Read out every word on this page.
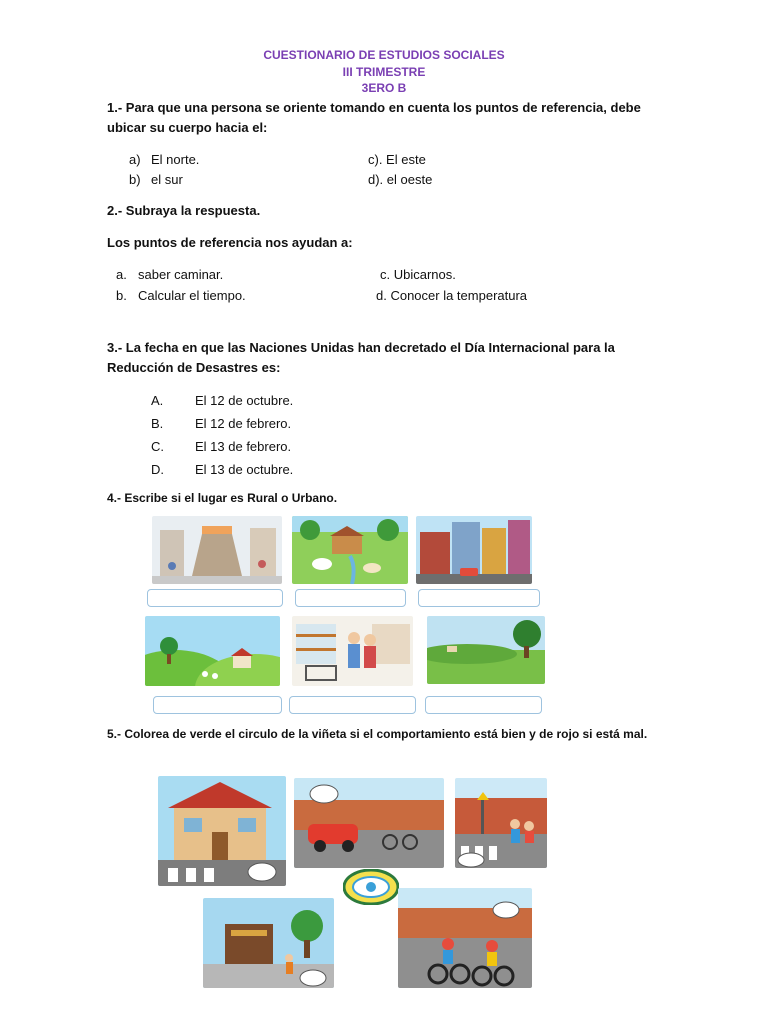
CUESTIONARIO DE ESTUDIOS SOCIALES
III TRIMESTRE
3ERO B
1.- Para que una persona se oriente tomando en cuenta los puntos de referencia, debe
ubicar su cuerpo hacia el:
a) El norte.
b) el sur
c). El este
d). el oeste
2.- Subraya la respuesta.
Los puntos de referencia nos ayudan a:
a. saber caminar.
b. Calcular el tiempo.
c. Ubicarnos.
d. Conocer la temperatura
3.- La fecha en que las Naciones Unidas han decretado el Día Internacional para la
Reducción de Desastres es:
A. El 12 de octubre.
B. El 12 de febrero.
C. El 13 de febrero.
D. El 13 de octubre.
4.- Escribe si el lugar es Rural o Urbano.
5.- Colorea de verde el circulo de la viñeta si el comportamiento está bien y de rojo si está mal.
